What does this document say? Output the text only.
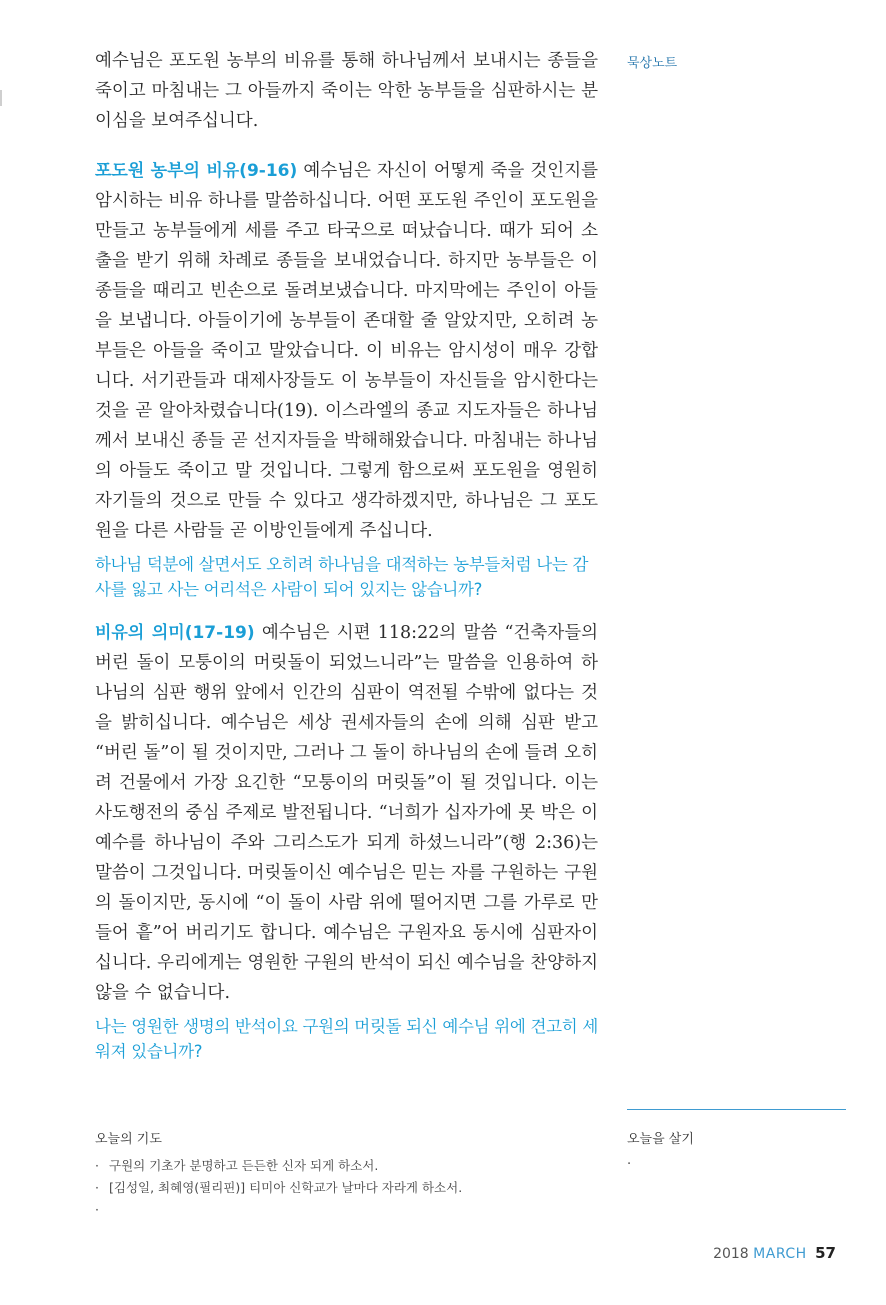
묵상노트

예수님은 포도원 농부의 비유를 통해 하나님께서 보내시는 종들을 죽이고 마침내는 그 아들까지 죽이는 악한 농부들을 심판하시는 분이심을 보여주십니다.

포도원 농부의 비유(9-16) 예수님은 자신이 어떻게 죽을 것인지를 암시하는 비유 하나를 말씀하십니다. 어떤 포도원 주인이 포도원을 만들고 농부들에게 세를 주고 타국으로 떠났습니다. 때가 되어 소출을 받기 위해 차례로 종들을 보내었습니다. 하지만 농부들은 이 종들을 때리고 빈손으로 돌려보냈습니다. 마지막에는 주인이 아들을 보냅니다. 아들이기에 농부들이 존대할 줄 알았지만, 오히려 농부들은 아들을 죽이고 말았습니다. 이 비유는 암시성이 매우 강합니다. 서기관들과 대제사장들도 이 농부들이 자신들을 암시한다는 것을 곧 알아차렸습니다(19). 이스라엘의 종교 지도자들은 하나님께서 보내신 종들 곧 선지자들을 박해해왔습니다. 마침내는 하나님의 아들도 죽이고 말 것입니다. 그렇게 함으로써 포도원을 영원히 자기들의 것으로 만들 수 있다고 생각하겠지만, 하나님은 그 포도원을 다른 사람들 곧 이방인들에게 주십니다.

하나님 덕분에 살면서도 오히려 하나님을 대적하는 농부들처럼 나는 감사를 잃고 사는 어리석은 사람이 되어 있지는 않습니까?

비유의 의미(17-19) 예수님은 시편 118:22의 말씀 “건축자들의 버린 돌이 모퉁이의 머릿돌이 되었느니라”는 말씀을 인용하여 하나님의 심판 행위 앞에서 인간의 심판이 역전될 수밖에 없다는 것을 밝히십니다. 예수님은 세상 권세자들의 손에 의해 심판 받고 “버린 돌”이 될 것이지만, 그러나 그 돌이 하나님의 손에 들려 오히려 건물에서 가장 요긴한 “모퉁이의 머릿돌”이 될 것입니다. 이는 사도행전의 중심 주제로 발전됩니다. “너희가 십자가에 못 박은 이 예수를 하나님이 주와 그리스도가 되게 하셨느니라”(행 2:36)는 말씀이 그것입니다. 머릿돌이신 예수님은 믿는 자를 구원하는 구원의 돌이지만, 동시에 “이 돌이 사람 위에 떨어지면 그를 가루로 만들어 흩”어 버리기도 합니다. 예수님은 구원자요 동시에 심판자이십니다. 우리에게는 영원한 구원의 반석이 되신 예수님을 찬양하지 않을 수 없습니다.

나는 영원한 생명의 반석이요 구원의 머릿돌 되신 예수님 위에 견고히 세워져 있습니까?

오늘의 기도
· 구원의 기초가 분명하고 든든한 신자 되게 하소서.
· [김성일, 최혜영(필리핀)] 티미아 신학교가 날마다 자라게 하소서.
·
오늘을 살기
·
2018 MARCH 57
